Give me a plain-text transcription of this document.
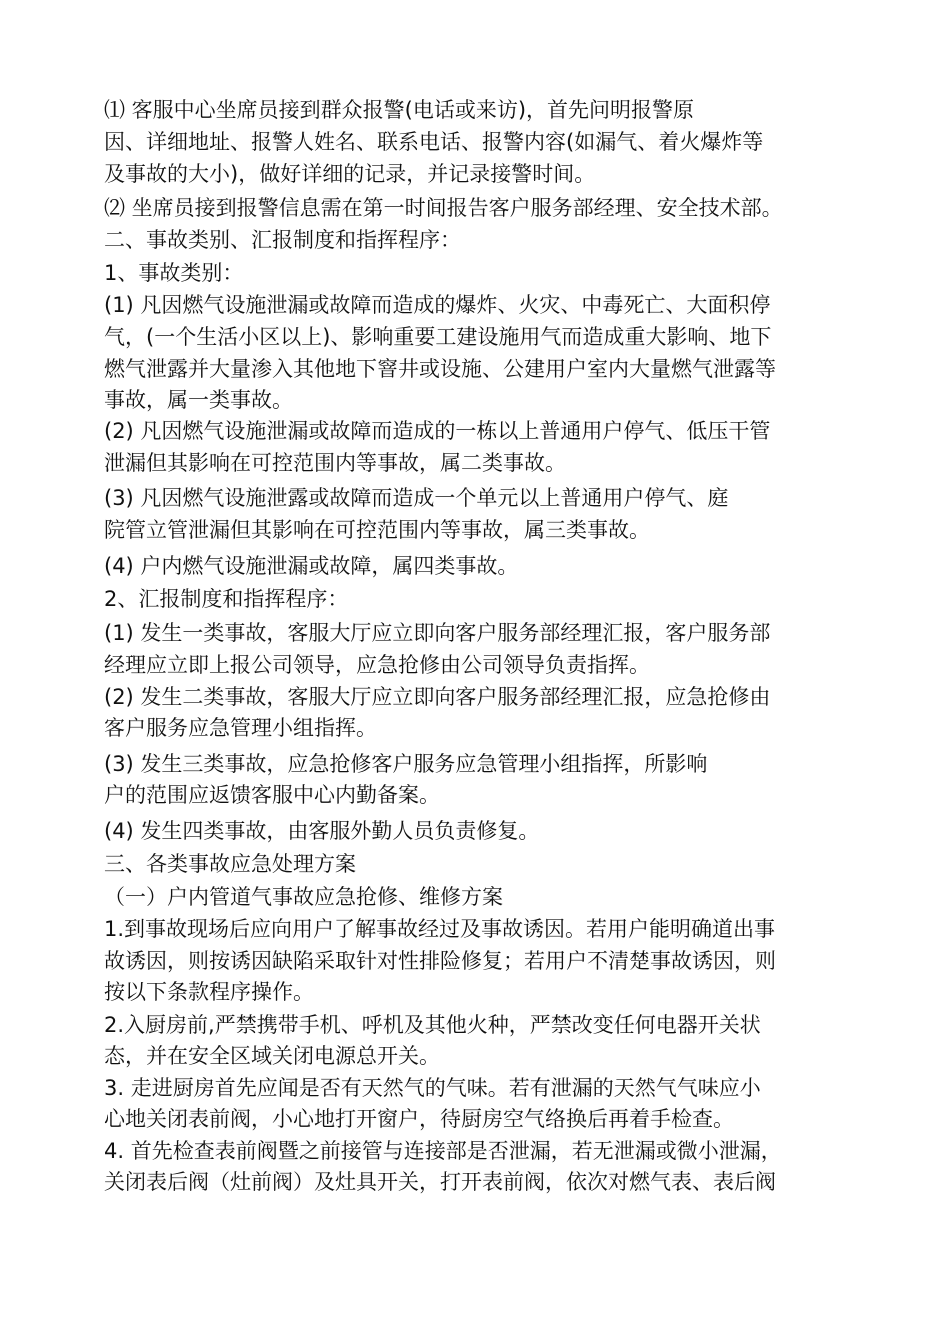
⑴ 客服中心坐席员接到群众报警(电话或来访)，首先问明报警原
因、详细地址、报警人姓名、联系电话、报警内容(如漏气、着火爆炸等
及事故的大小)，做好详细的记录，并记录接警时间。
⑵ 坐席员接到报警信息需在第一时间报告客户服务部经理、安全技术部。
二、事故类别、汇报制度和指挥程序：
1、事故类别：
(1) 凡因燃气设施泄漏或故障而造成的爆炸、火灾、中毒死亡、大面积停
气，(一个生活小区以上)、影响重要工建设施用气而造成重大影响、地下
燃气泄露并大量渗入其他地下窨井或设施、公建用户室内大量燃气泄露等
事故，属一类事故。
(2) 凡因燃气设施泄漏或故障而造成的一栋以上普通用户停气、低压干管
泄漏但其影响在可控范围内等事故，属二类事故。
(3) 凡因燃气设施泄露或故障而造成一个单元以上普通用户停气、庭
院管立管泄漏但其影响在可控范围内等事故，属三类事故。
(4) 户内燃气设施泄漏或故障，属四类事故。
2、汇报制度和指挥程序：
(1) 发生一类事故，客服大厅应立即向客户服务部经理汇报，客户服务部
经理应立即上报公司领导，应急抢修由公司领导负责指挥。
(2) 发生二类事故，客服大厅应立即向客户服务部经理汇报，应急抢修由
客户服务应急管理小组指挥。
(3) 发生三类事故，应急抢修客户服务应急管理小组指挥，所影响
户的范围应返馈客服中心内勤备案。
(4) 发生四类事故，由客服外勤人员负责修复。
三、各类事故应急处理方案
（一）户内管道气事故应急抢修、维修方案
1.到事故现场后应向用户了解事故经过及事故诱因。若用户能明确道出事
故诱因，则按诱因缺陷采取针对性排险修复；若用户不清楚事故诱因，则
按以下条款程序操作。
2.入厨房前,严禁携带手机、呼机及其他火种，严禁改变任何电器开关状
态，并在安全区域关闭电源总开关。
3. 走进厨房首先应闻是否有天然气的气味。若有泄漏的天然气气味应小
心地关闭表前阀，小心地打开窗户，待厨房空气络换后再着手检查。
4. 首先检查表前阀暨之前接管与连接部是否泄漏，若无泄漏或微小泄漏，
关闭表后阀（灶前阀）及灶具开关，打开表前阀，依次对燃气表、表后阀
